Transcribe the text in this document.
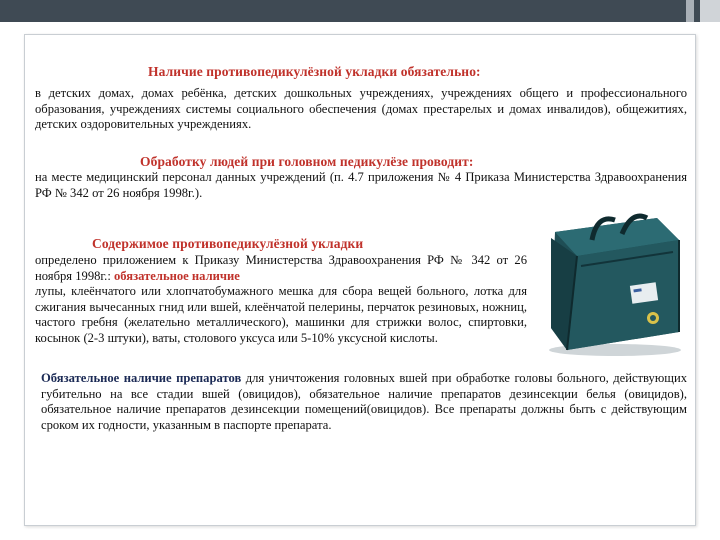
Наличие противопедикулёзной укладки обязательно:
в детских домах, домах ребёнка, детских дошкольных учреждениях, учреждениях общего и профессионального образования, учреждениях системы социального обеспечения (домах престарелых и домах инвалидов), общежитиях, детских оздоровительных учреждениях.
Обработку людей при головном педикулёзе проводит:
на месте медицинский персонал данных учреждений (п. 4.7 приложения № 4 Приказа Министерства Здравоохранения РФ № 342 от 26 ноября 1998г.).
Содержимое противопедикулёзной укладки
определено приложением к Приказу Министерства Здравоохранения РФ № 342 от 26 ноября 1998г.: обязательное наличие
лупы, клеёнчатого или хлопчатобумажного мешка для сбора вещей больного, лотка для сжигания вычесанных гнид или вшей, клеёнчатой пелерины, перчаток резиновых, ножниц, частого гребня (желательно металлического), машинки для стрижки волос, спиртовки, косынок (2-3 штуки), ваты, столового уксуса или 5-10% уксусной кислоты.
Обязательное наличие препаратов для уничтожения головных вшей при обработке головы больного, действующих губительно на все стадии вшей (овицидов), обязательное наличие препаратов дезинсекции белья (овицидов), обязательное наличие препаратов дезинсекции помещений(овицидов). Все препараты должны быть с действующим сроком их годности, указанным в паспорте препарата.
